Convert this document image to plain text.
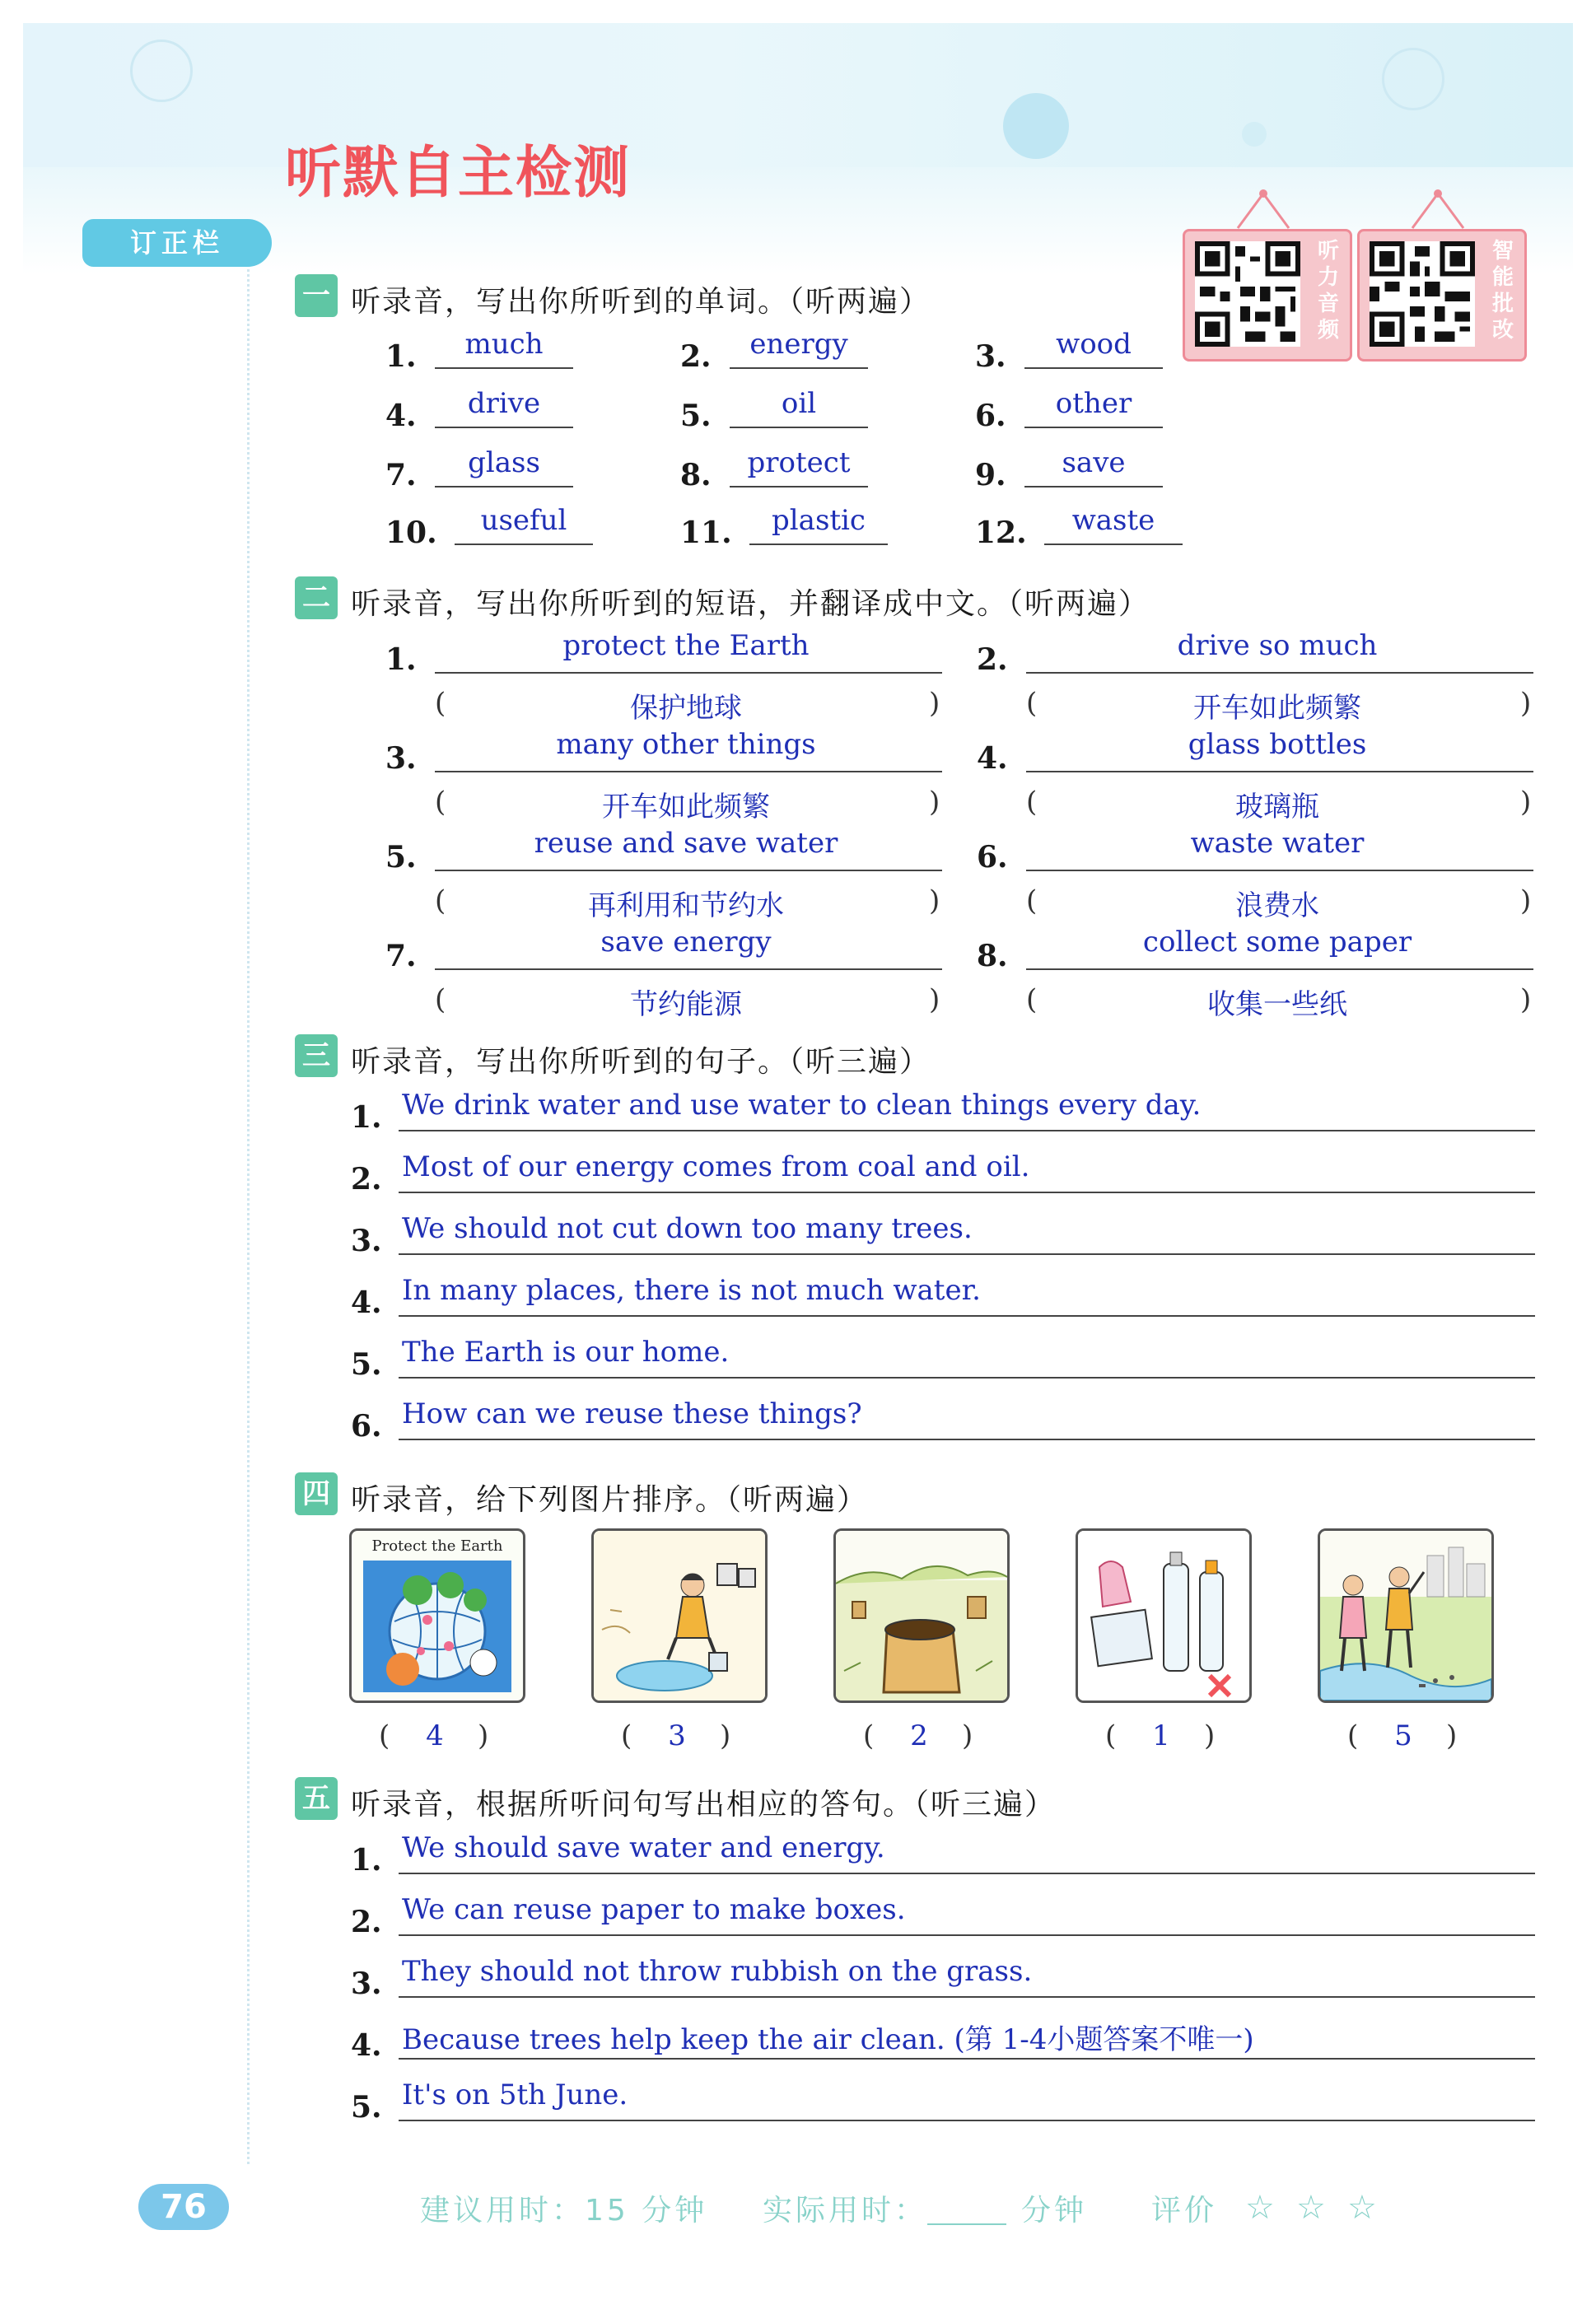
听默自主检测
订正栏	听力音频
智能批改
一 听录音，写出你所听到的单词。（听两遍）
二 听录音，写出你所听到的短语，并翻译成中文。（听两遍）
三 听录音，写出你所听到的句子。（听三遍）
四 听录音，给下列图片排序。（听两遍）
Protect the Earth
五 听录音，根据所听问句写出相应的答句。（听三遍）
76	建议用时：15 分钟 实际用时：	分钟 评价 ☆ ☆ ☆
1.	much	2.	energy	3.	wood
4.	drive	5.	oil	6.	other
7.	glass	8.	protect	9.	save
10.	useful	11.	plastic	12.	waste
1.	protect the Earth
(	保护地球	)
2.	drive so much
(	开车如此频繁	)
3.	many other things
(	开车如此频繁	)
4.	glass bottles
(	玻璃瓶	)
5.	reuse and save water
(	再利用和节约水	)
6.	waste water
(	浪费水	)
7.	save energy
(	节约能源	)
8.	collect some paper
(	收集一些纸	)
1. We drink water and use water to clean things every day.
2. Most of our energy comes from coal and oil.
3. We should not cut down too many trees.
4. In many places, there is not much water.
5. The Earth is our home.
6. How can we reuse these things?
(	4	)	(	3	)	(	2	)	(	1	)	(	5	)
1. We should save water and energy.
2. We can reuse paper to make boxes.
3. They should not throw rubbish on the grass.
4. Because trees help keep the air clean. (第 1-4小题答案不唯一)
5. It's on 5th June.
